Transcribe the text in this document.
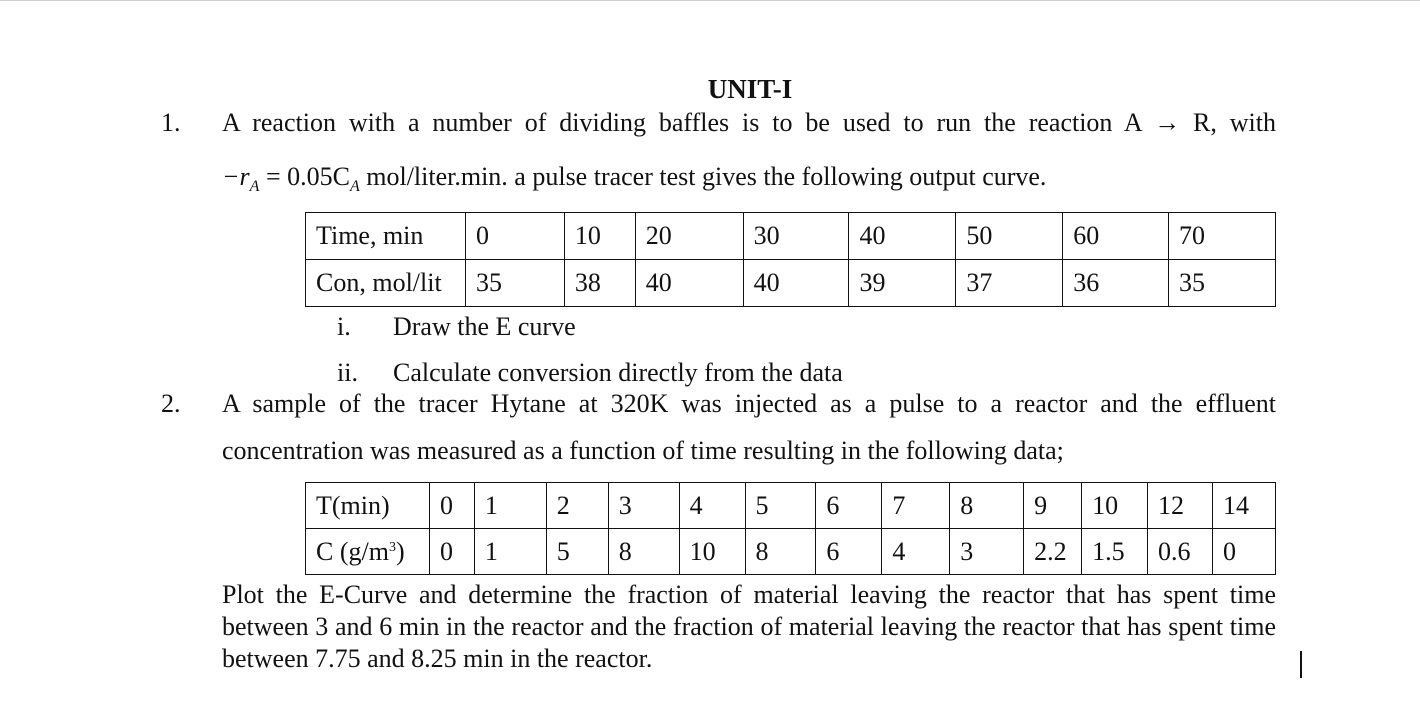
UNIT-I
1. A reaction with a number of dividing baffles is to be used to run the reaction A → R, with
$-r_A = 0.05C_A$ mol/liter.min. a pulse tracer test gives the following output curve.
Time, min	0	10	20	30	40	50	60	70
Con, mol/lit	35	38	40	40	39	37	36	35
i. Draw the E curve
ii. Calculate conversion directly from the data
2. A sample of the tracer Hytane at 320K was injected as a pulse to a reactor and the effluent
concentration was measured as a function of time resulting in the following data;
T(min)	0	1	2	3	4	5	6	7	8	9	10	12	14
C $(g/m^3)$	0	1	5	8	10	8	6	4	3	2.2	1.5	0.6	0
Plot the E-Curve and determine the fraction of material leaving the reactor that has spent time between 3 and 6 min in the reactor and the fraction of material leaving the reactor that has spent time between 7.75 and 8.25 min in the reactor.
